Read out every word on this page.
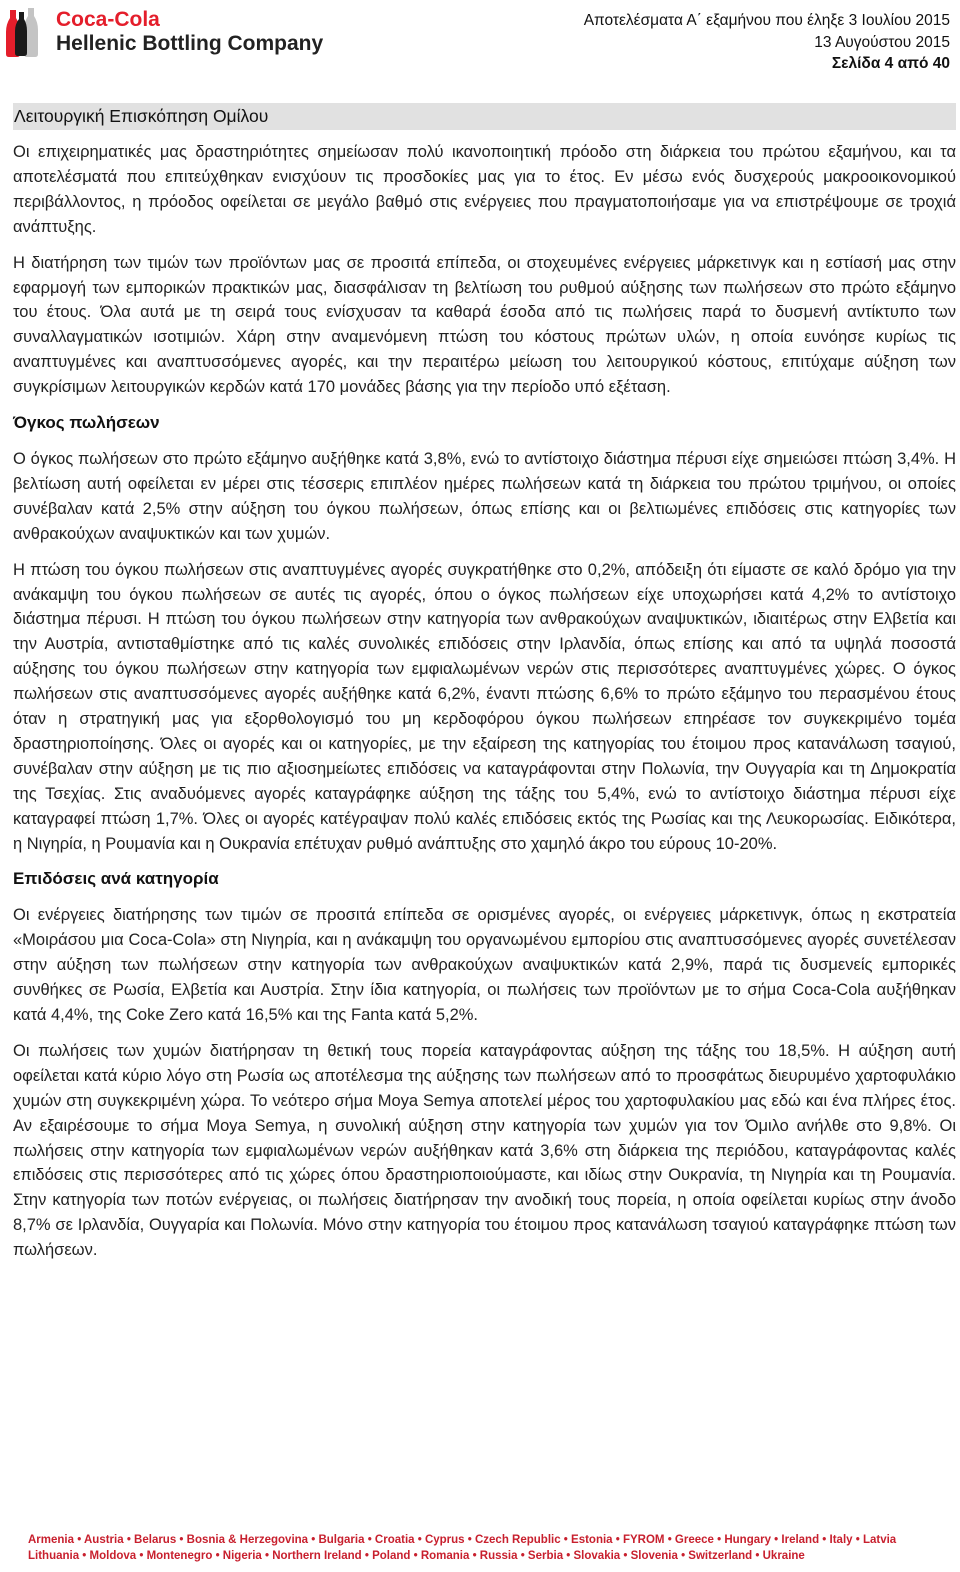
Coca-Cola
Hellenic Bottling Company
Αποτελέσματα Α΄ εξαμήνου που έληξε 3 Ιουλίου 2015
13 Αυγούστου 2015
Σελίδα 4 από 40
Λειτουργική Επισκόπηση Ομίλου

Οι επιχειρηματικές μας δραστηριότητες σημείωσαν πολύ ικανοποιητική πρόοδο στη διάρκεια του πρώτου εξαμήνου, και τα αποτελέσματά που επιτεύχθηκαν ενισχύουν τις προσδοκίες μας για το έτος. Εν μέσω ενός δυσχερούς μακροοικονομικού περιβάλλοντος, η πρόοδος οφείλεται σε μεγάλο βαθμό στις ενέργειες που πραγματοποιήσαμε για να επιστρέψουμε σε τροχιά ανάπτυξης.

Η διατήρηση των τιμών των προϊόντων μας σε προσιτά επίπεδα, οι στοχευμένες ενέργειες μάρκετινγκ και η εστίασή μας στην εφαρμογή των εμπορικών πρακτικών μας, διασφάλισαν τη βελτίωση του ρυθμού αύξησης των πωλήσεων στο πρώτο εξάμηνο του έτους. Όλα αυτά με τη σειρά τους ενίσχυσαν τα καθαρά έσοδα από τις πωλήσεις παρά το δυσμενή αντίκτυπο των συναλλαγματικών ισοτιμιών. Χάρη στην αναμενόμενη πτώση του κόστους πρώτων υλών, η οποία ευνόησε κυρίως τις αναπτυγμένες και αναπτυσσόμενες αγορές, και την περαιτέρω μείωση του λειτουργικού κόστους, επιτύχαμε αύξηση των συγκρίσιμων λειτουργικών κερδών κατά 170 μονάδες βάσης για την περίοδο υπό εξέταση.

Όγκος πωλήσεων

Ο όγκος πωλήσεων στο πρώτο εξάμηνο αυξήθηκε κατά 3,8%, ενώ το αντίστοιχο διάστημα πέρυσι είχε σημειώσει πτώση 3,4%. Η βελτίωση αυτή οφείλεται εν μέρει στις τέσσερις επιπλέον ημέρες πωλήσεων κατά τη διάρκεια του πρώτου τριμήνου, οι οποίες συνέβαλαν κατά 2,5% στην αύξηση του όγκου πωλήσεων, όπως επίσης και οι βελτιωμένες επιδόσεις στις κατηγορίες των ανθρακούχων αναψυκτικών και των χυμών.

Η πτώση του όγκου πωλήσεων στις αναπτυγμένες αγορές συγκρατήθηκε στο 0,2%, απόδειξη ότι είμαστε σε καλό δρόμο για την ανάκαμψη του όγκου πωλήσεων σε αυτές τις αγορές, όπου ο όγκος πωλήσεων είχε υποχωρήσει κατά 4,2% το αντίστοιχο διάστημα πέρυσι. Η πτώση του όγκου πωλήσεων στην κατηγορία των ανθρακούχων αναψυκτικών, ιδιαιτέρως στην Ελβετία και την Αυστρία, αντισταθμίστηκε από τις καλές συνολικές επιδόσεις στην Ιρλανδία, όπως επίσης και από τα υψηλά ποσοστά αύξησης του όγκου πωλήσεων στην κατηγορία των εμφιαλωμένων νερών στις περισσότερες αναπτυγμένες χώρες. Ο όγκος πωλήσεων στις αναπτυσσόμενες αγορές αυξήθηκε κατά 6,2%, έναντι πτώσης 6,6% το πρώτο εξάμηνο του περασμένου έτους όταν η στρατηγική μας για εξορθολογισμό του μη κερδοφόρου όγκου πωλήσεων επηρέασε τον συγκεκριμένο τομέα δραστηριοποίησης. Όλες οι αγορές και οι κατηγορίες, με την εξαίρεση της κατηγορίας του έτοιμου προς κατανάλωση τσαγιού, συνέβαλαν στην αύξηση με τις πιο αξιοσημείωτες επιδόσεις να καταγράφονται στην Πολωνία, την Ουγγαρία και τη Δημοκρατία της Τσεχίας. Στις αναδυόμενες αγορές καταγράφηκε αύξηση της τάξης του 5,4%, ενώ το αντίστοιχο διάστημα πέρυσι είχε καταγραφεί πτώση 1,7%. Όλες οι αγορές κατέγραψαν πολύ καλές επιδόσεις εκτός της Ρωσίας και της Λευκορωσίας. Ειδικότερα, η Νιγηρία, η Ρουμανία και η Ουκρανία επέτυχαν ρυθμό ανάπτυξης στο χαμηλό άκρο του εύρους 10-20%.

Επιδόσεις ανά κατηγορία

Οι ενέργειες διατήρησης των τιμών σε προσιτά επίπεδα σε ορισμένες αγορές, οι ενέργειες μάρκετινγκ, όπως η εκστρατεία «Μοιράσου μια Coca-Cola» στη Νιγηρία, και η ανάκαμψη του οργανωμένου εμπορίου στις αναπτυσσόμενες αγορές συνετέλεσαν στην αύξηση των πωλήσεων στην κατηγορία των ανθρακούχων αναψυκτικών κατά 2,9%, παρά τις δυσμενείς εμπορικές συνθήκες σε Ρωσία, Ελβετία και Αυστρία. Στην ίδια κατηγορία, οι πωλήσεις των προϊόντων με το σήμα Coca-Cola αυξήθηκαν κατά 4,4%, της Coke Zero κατά 16,5% και της Fanta κατά 5,2%.

Οι πωλήσεις των χυμών διατήρησαν τη θετική τους πορεία καταγράφοντας αύξηση της τάξης του 18,5%. Η αύξηση αυτή οφείλεται κατά κύριο λόγο στη Ρωσία ως αποτέλεσμα της αύξησης των πωλήσεων από το προσφάτως διευρυμένο χαρτοφυλάκιο χυμών στη συγκεκριμένη χώρα. Το νεότερο σήμα Moya Semya αποτελεί μέρος του χαρτοφυλακίου μας εδώ και ένα πλήρες έτος. Αν εξαιρέσουμε το σήμα Moya Semya, η συνολική αύξηση στην κατηγορία των χυμών για τον Όμιλο ανήλθε στο 9,8%. Οι πωλήσεις στην κατηγορία των εμφιαλωμένων νερών αυξήθηκαν κατά 3,6% στη διάρκεια της περιόδου, καταγράφοντας καλές επιδόσεις στις περισσότερες από τις χώρες όπου δραστηριοποιούμαστε, και ιδίως στην Ουκρανία, τη Νιγηρία και τη Ρουμανία. Στην κατηγορία των ποτών ενέργειας, οι πωλήσεις διατήρησαν την ανοδική τους πορεία, η οποία οφείλεται κυρίως στην άνοδο 8,7% σε Ιρλανδία, Ουγγαρία και Πολωνία. Μόνο στην κατηγορία του έτοιμου προς κατανάλωση τσαγιού καταγράφηκε πτώση των πωλήσεων.

Armenia • Austria • Belarus • Bosnia & Herzegovina • Bulgaria • Croatia • Cyprus • Czech Republic • Estonia • FYROM • Greece • Hungary • Ireland • Italy • Latvia
Lithuania • Moldova • Montenegro • Nigeria • Northern Ireland • Poland • Romania • Russia • Serbia • Slovakia • Slovenia • Switzerland • Ukraine
